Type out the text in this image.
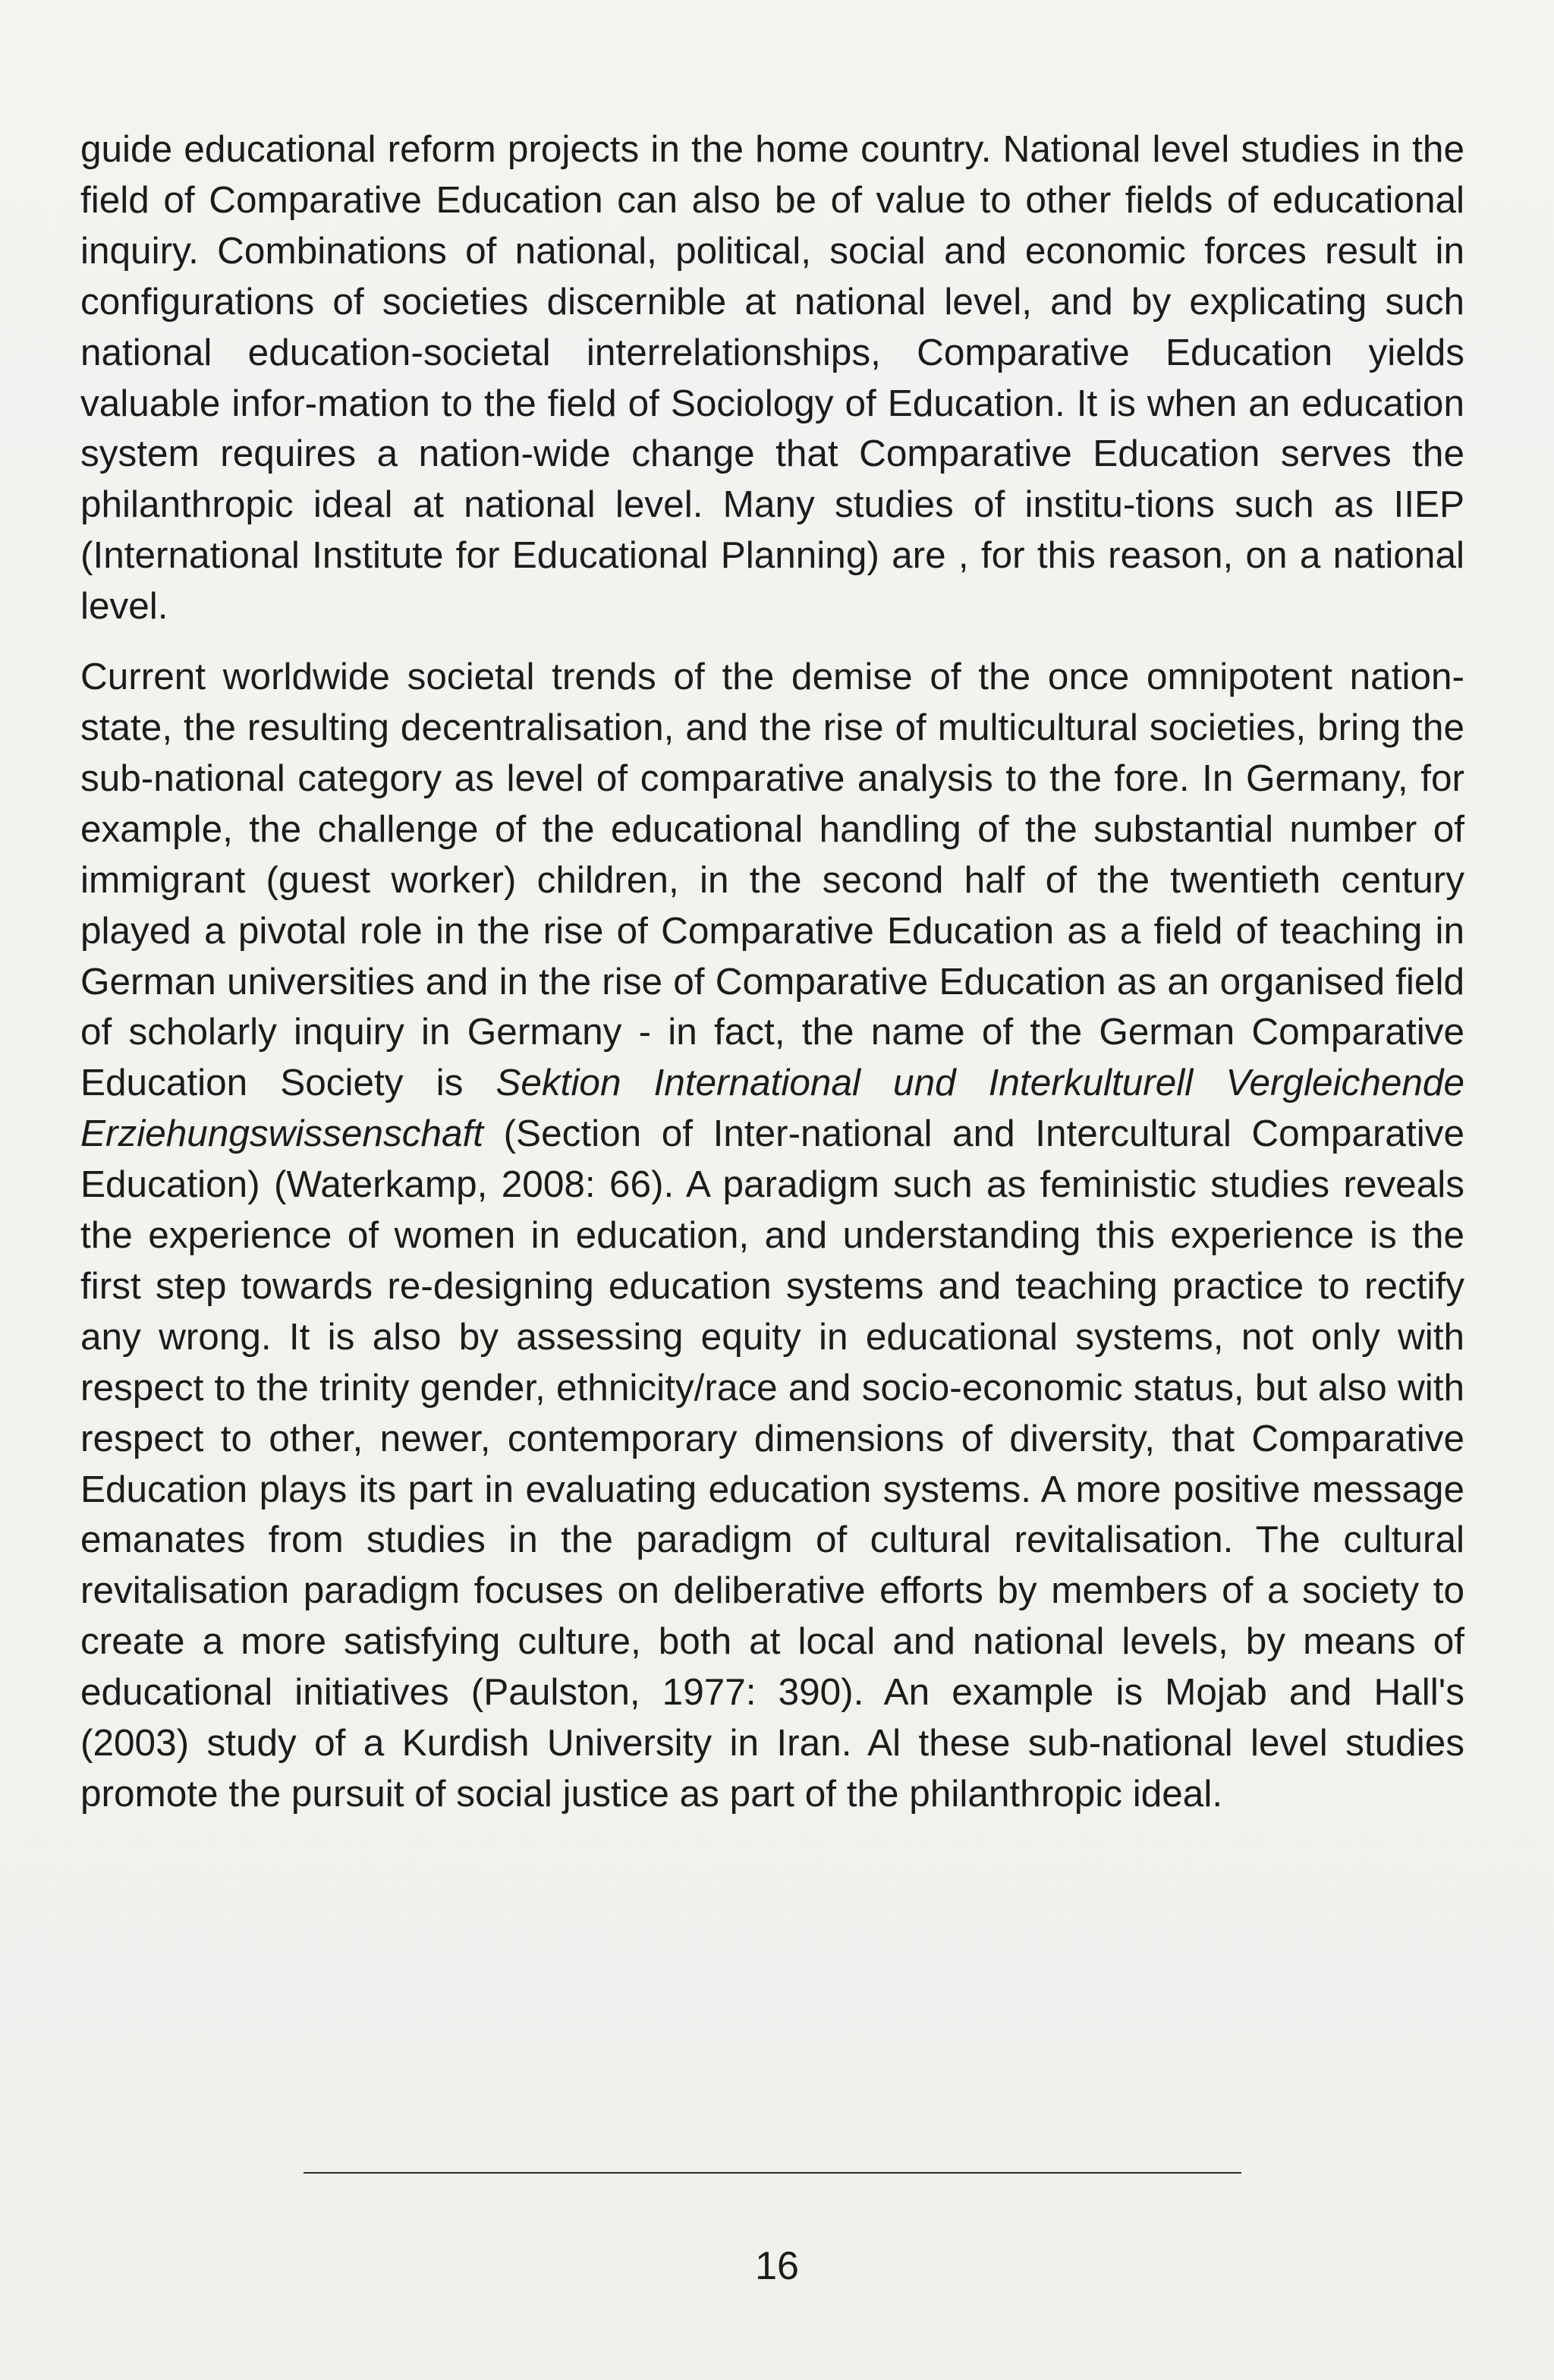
guide educational reform projects in the home country. National level studies in the field of Comparative Education can also be of value to other fields of educational inquiry. Combinations of national, political, social and economic forces result in configurations of societies discernible at national level, and by explicating such national education-societal interrelationships, Comparative Education yields valuable infor-mation to the field of Sociology of Education. It is when an education system requires a nation-wide change that Comparative Education serves the philanthropic ideal at national level. Many studies of institu-tions such as IIEP (International Institute for Educational Planning) are , for this reason, on a national level.

Current worldwide societal trends of the demise of the once omnipotent nation-state, the resulting decentralisation, and the rise of multicultural societies, bring the sub-national category as level of comparative analysis to the fore. In Germany, for example, the challenge of the educational handling of the substantial number of immigrant (guest worker) children, in the second half of the twentieth century played a pivotal role in the rise of Comparative Education as a field of teaching in German universities and in the rise of Comparative Education as an organised field of scholarly inquiry in Germany - in fact, the name of the German Comparative Education Society is Sektion International und Interkulturell Vergleichende Erziehungswissenschaft (Section of Inter-national and Intercultural Comparative Education) (Waterkamp, 2008: 66). A paradigm such as feministic studies reveals the experience of women in education, and understanding this experience is the first step towards re-designing education systems and teaching practice to rectify any wrong. It is also by assessing equity in educational systems, not only with respect to the trinity gender, ethnicity/race and socio-economic status, but also with respect to other, newer, contemporary dimensions of diversity, that Comparative Education plays its part in evaluating education systems. A more positive message emanates from studies in the paradigm of cultural revitalisation. The cultural revitalisation paradigm focuses on deliberative efforts by members of a society to create a more satisfying culture, both at local and national levels, by means of educational initiatives (Paulston, 1977: 390). An example is Mojab and Hall's (2003) study of a Kurdish University in Iran. Al these sub-national level studies promote the pursuit of social justice as part of the philanthropic ideal.

16
